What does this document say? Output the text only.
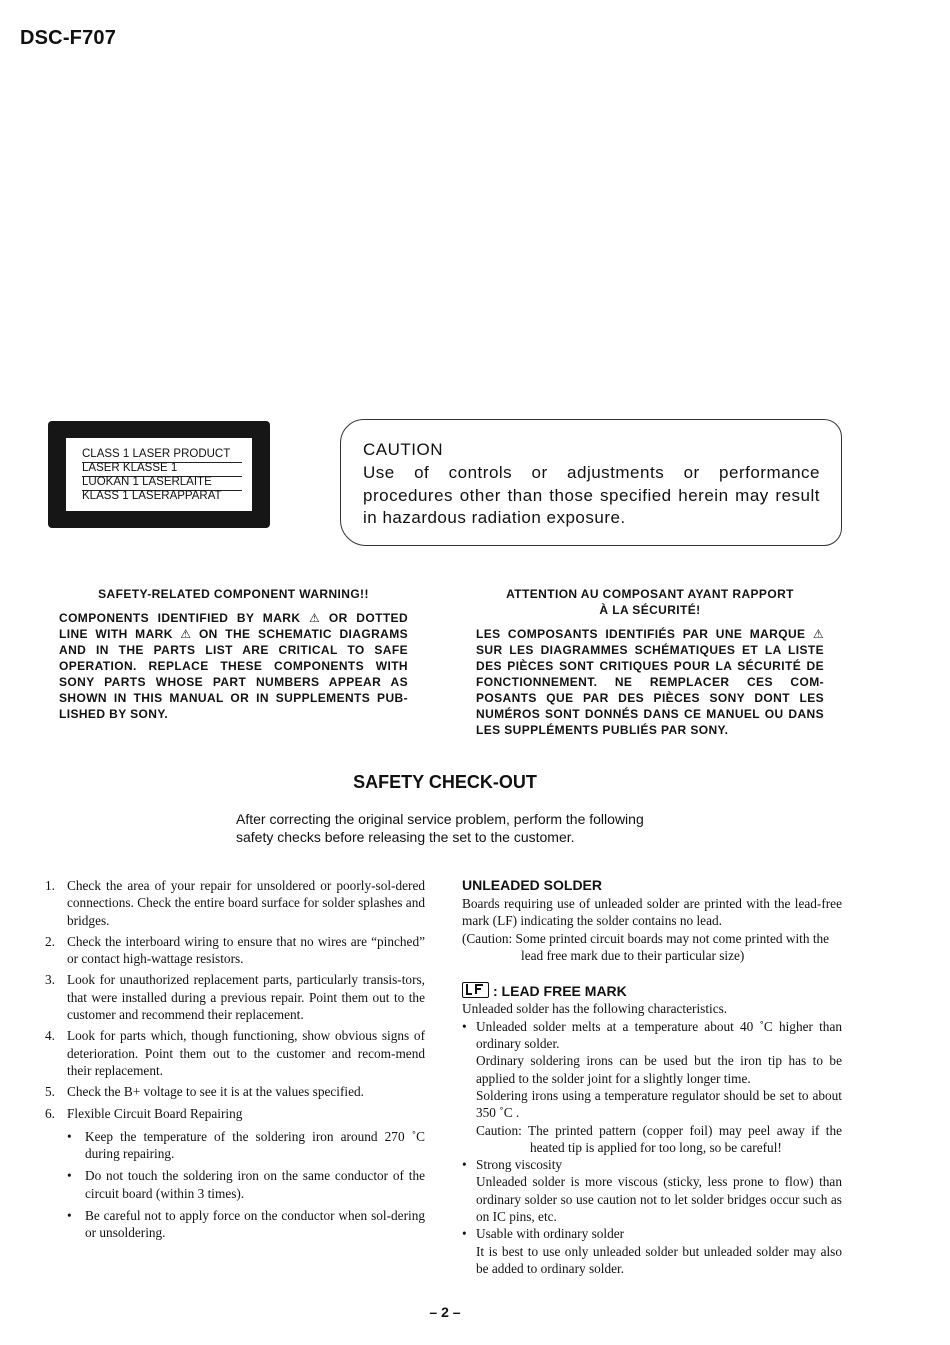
DSC-F707
CLASS 1 LASER PRODUCT
LASER KLASSE 1
LUOKAN 1 LASERLAITE
KLASS 1 LASERAPPARAT
CAUTION
Use of controls or adjustments or performance procedures other than those specified herein may result in hazardous radiation exposure.
SAFETY-RELATED COMPONENT WARNING!!
COMPONENTS IDENTIFIED BY MARK ⚠ OR DOTTED LINE WITH MARK ⚠ ON THE SCHEMATIC DIAGRAMS AND IN THE PARTS LIST ARE CRITICAL TO SAFE OPERATION. REPLACE THESE COMPONENTS WITH SONY PARTS WHOSE PART NUMBERS APPEAR AS SHOWN IN THIS MANUAL OR IN SUPPLEMENTS PUB-LISHED BY SONY.
ATTENTION AU COMPOSANT AYANT RAPPORT
À LA SÉCURITÉ!
LES COMPOSANTS IDENTIFIÉS PAR UNE MARQUE ⚠ SUR LES DIAGRAMMES SCHÉMATIQUES ET LA LISTE DES PIÈCES SONT CRITIQUES POUR LA SÉCURITÉ DE FONCTIONNEMENT. NE REMPLACER CES COM-POSANTS QUE PAR DES PIÈCES SONY DONT LES NUMÉROS SONT DONNÉS DANS CE MANUEL OU DANS LES SUPPLÉMENTS PUBLIÉS PAR SONY.
SAFETY CHECK-OUT
After correcting the original service problem, perform the following
safety checks before releasing the set to the customer.
1. Check the area of your repair for unsoldered or poorly-sol-dered connections. Check the entire board surface for solder splashes and bridges.
2. Check the interboard wiring to ensure that no wires are “pinched” or contact high-wattage resistors.
3. Look for unauthorized replacement parts, particularly transis-tors, that were installed during a previous repair. Point them out to the customer and recommend their replacement.
4. Look for parts which, though functioning, show obvious signs of deterioration. Point them out to the customer and recom-mend their replacement.
5. Check the B+ voltage to see it is at the values specified.
6. Flexible Circuit Board Repairing
• Keep the temperature of the soldering iron around 270 ˚C during repairing.
• Do not touch the soldering iron on the same conductor of the circuit board (within 3 times).
• Be careful not to apply force on the conductor when sol-dering or unsoldering.
UNLEADED SOLDER
Boards requiring use of unleaded solder are printed with the lead-free mark (LF) indicating the solder contains no lead.
(Caution: Some printed circuit boards may not come printed with the lead free mark due to their particular size)
: LEAD FREE MARK
Unleaded solder has the following characteristics.
• Unleaded solder melts at a temperature about 40 ˚C higher than ordinary solder.
Ordinary soldering irons can be used but the iron tip has to be applied to the solder joint for a slightly longer time.
Soldering irons using a temperature regulator should be set to about 350 ˚C .
Caution: The printed pattern (copper foil) may peel away if the heated tip is applied for too long, so be careful!
• Strong viscosity
Unleaded solder is more viscous (sticky, less prone to flow) than ordinary solder so use caution not to let solder bridges occur such as on IC pins, etc.
• Usable with ordinary solder
It is best to use only unleaded solder but unleaded solder may also be added to ordinary solder.
– 2 –
